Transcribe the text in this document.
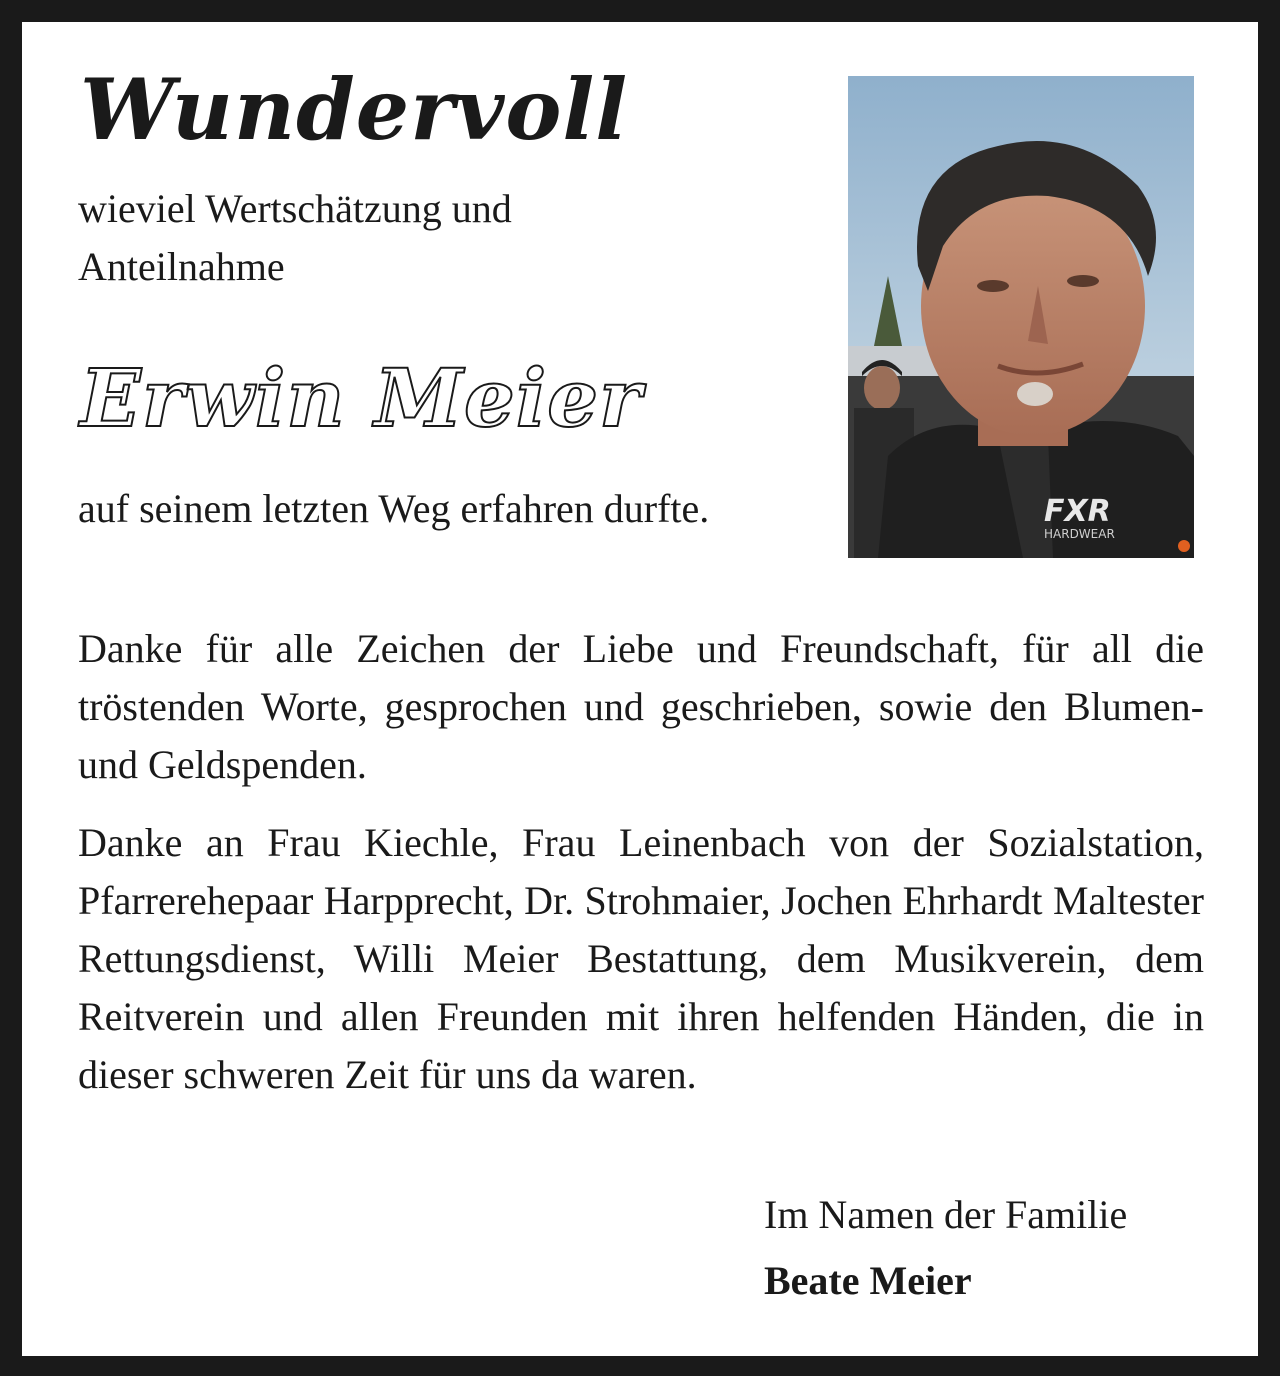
Wundervoll
wieviel Wertschätzung und Anteilnahme
Erwin Meier
auf seinem letzten Weg erfahren durfte.	FXR
HARDWEAR
Danke für alle Zeichen der Liebe und Freundschaft, für all die tröstenden Worte, gesprochen und geschrieben, sowie den Blumen- und Geldspenden.
Danke an Frau Kiechle, Frau Leinenbach von der Sozialstation, Pfarrerehepaar Harpprecht, Dr. Strohmaier, Jochen Ehrhardt Maltester Rettungsdienst, Willi Meier Bestattung, dem Musikverein, dem Reitverein und allen Freunden mit ihren helfenden Händen, die in dieser schweren Zeit für uns da waren.
Im Namen der Familie
Beate Meier
